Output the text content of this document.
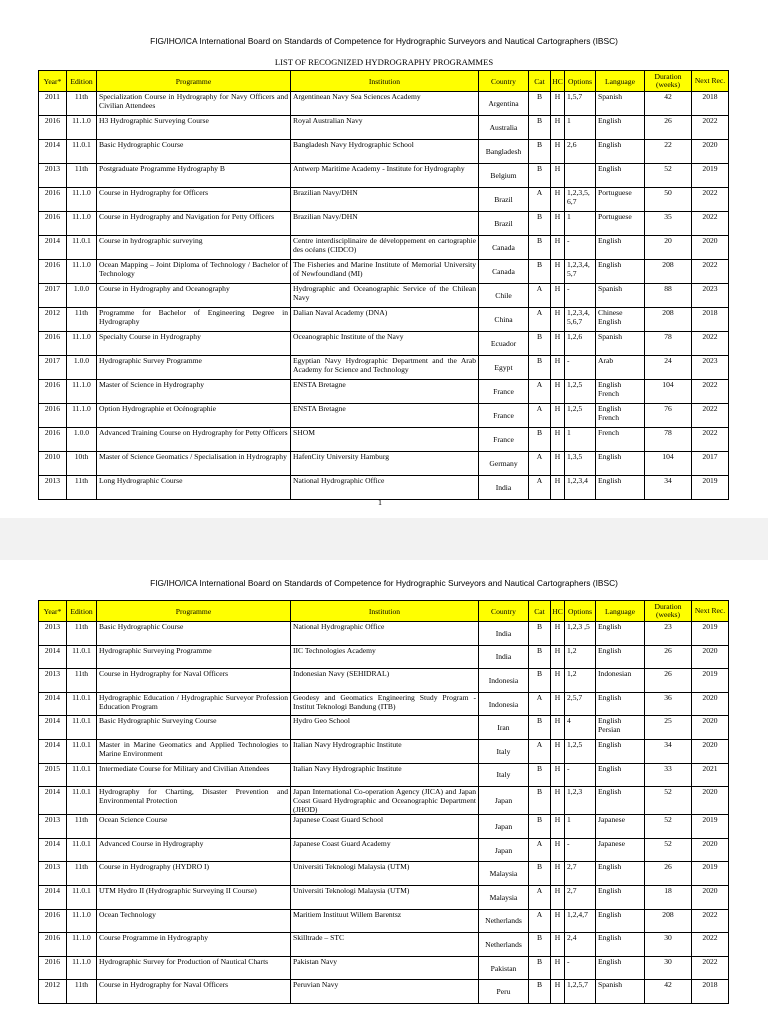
FIG/IHO/ICA International Board on Standards of Competence for Hydrographic Surveyors and Nautical Cartographers (IBSC)
LIST OF RECOGNIZED HYDROGRAPHY PROGRAMMES
Year*	Edition	Programme	Institution	Country	Cat	HC	Options	Language	Duration (weeks)	Next Rec.
2011	11th	Specialization Course in Hydrography for Navy Officers and Civilian Attendees	Argentinean Navy Sea Sciences Academy	Argentina	B	H	1,5,7	Spanish	42	2018
2016	11.1.0	H3 Hydrographic Surveying Course	Royal Australian Navy	Australia	B	H	1	English	26	2022
2014	11.0.1	Basic Hydrographic Course	Bangladesh Navy Hydrographic School	Bangladesh	B	H	2,6	English	22	2020
2013	11th	Postgraduate Programme Hydrography B	Antwerp Maritime Academy - Institute for Hydrography	Belgium	B	H		English	52	2019
2016	11.1.0	Course in Hydrography for Officers	Brazilian Navy/DHN	Brazil	A	H	1,2,3,5, 6,7	Portuguese	50	2022
2016	11.1.0	Course in Hydrography and Navigation for Petty Officers	Brazilian Navy/DHN	Brazil	B	H	1	Portuguese	35	2022
2014	11.0.1	Course in hydrographic surveying	Centre interdisciplinaire de développement en cartographie des océans (CIDCO)	Canada	B	H	-	English	20	2020
2016	11.1.0	Ocean Mapping – Joint Diploma of Technology / Bachelor of Technology	The Fisheries and Marine Institute of Memorial University of Newfoundland (MI)	Canada	B	H	1,2,3,4, 5,7	English	208	2022
2017	1.0.0	Course in Hydrography and Oceanography	Hydrographic and Oceanographic Service of the Chilean Navy	Chile	A	H	-	Spanish	88	2023
2012	11th	Programme for Bachelor of Engineering Degree in Hydrography	Dalian Naval Academy (DNA)	China	A	H	1,2,3,4, 5,6,7	Chinese English	208	2018
2016	11.1.0	Specialty Course in Hydrography	Oceanographic Institute of the Navy	Ecuador	B	H	1,2,6	Spanish	78	2022
2017	1.0.0	Hydrographic Survey Programme	Egyptian Navy Hydrographic Department and the Arab Academy for Science and Technology	Egypt	B	H	-	Arab	24	2023
2016	11.1.0	Master of Science in Hydrography	ENSTA Bretagne	France	A	H	1,2,5	English French	104	2022
2016	11.1.0	Option Hydrographie et Océnographie	ENSTA Bretagne	France	A	H	1,2,5	English French	76	2022
2016	1.0.0	Advanced Training Course on Hydrography for Petty Officers	SHOM	France	B	H	1	French	78	2022
2010	10th	Master of Science Geomatics / Specialisation in Hydrography	HafenCity University Hamburg	Germany	A	H	1,3,5	English	104	2017
2013	11th	Long Hydrographic Course	National Hydrographic Office	India	A	H	1,2,3,4	English	34	2019
1
FIG/IHO/ICA International Board on Standards of Competence for Hydrographic Surveyors and Nautical Cartographers (IBSC)
Year*	Edition	Programme	Institution	Country	Cat	HC	Options	Language	Duration (weeks)	Next Rec.
2013	11th	Basic Hydrographic Course	National Hydrographic Office	India	B	H	1,2,3 ,5	English	23	2019
2014	11.0.1	Hydrographic Surveying Programme	IIC Technologies Academy	India	B	H	1,2	English	26	2020
2013	11th	Course in Hydrography for Naval Officers	Indonesian Navy (SEHIDRAL)	Indonesia	B	H	1,2	Indonesian	26	2019
2014	11.0.1	Hydrographic Education / Hydrographic Surveyor Profession Education Program	Geodesy and Geomatics Engineering Study Program - Institut Teknologi Bandung (ITB)	Indonesia	A	H	2,5,7	English	36	2020
2014	11.0.1	Basic Hydrographic Surveying Course	Hydro Geo School	Iran	B	H	4	English Persian	25	2020
2014	11.0.1	Master in Marine Geomatics and Applied Technologies to Marine Environment	Italian Navy Hydrographic Institute	Italy	A	H	1,2,5	English	34	2020
2015	11.0.1	Intermediate Course for Military and Civilian Attendees	Italian Navy Hydrographic Institute	Italy	B	H	-	English	33	2021
2014	11.0.1	Hydrography for Charting, Disaster Prevention and Environmental Protection	Japan International Co-operation Agency (JICA) and Japan Coast Guard Hydrographic and Oceanographic Department (JHOD)	Japan	B	H	1,2,3	English	52	2020
2013	11th	Ocean Science Course	Japanese Coast Guard School	Japan	B	H	1	Japanese	52	2019
2014	11.0.1	Advanced Course in Hydrography	Japanese Coast Guard Academy	Japan	A	H	-	Japanese	52	2020
2013	11th	Course in Hydrography (HYDRO I)	Universiti Teknologi Malaysia (UTM)	Malaysia	B	H	2,7	English	26	2019
2014	11.0.1	UTM Hydro II (Hydrographic Surveying II Course)	Universiti Teknologi Malaysia (UTM)	Malaysia	A	H	2,7	English	18	2020
2016	11.1.0	Ocean Technology	Maritiem Instituut Willem Barentsz	Netherlands	A	H	1,2,4,7	English	208	2022
2016	11.1.0	Course Programme in Hydrography	Skilltrade – STC	Netherlands	B	H	2,4	English	30	2022
2016	11.1.0	Hydrographic Survey for Production of Nautical Charts	Pakistan Navy	Pakistan	B	H	-	English	30	2022
2012	11th	Course in Hydrography for Naval Officers	Peruvian Navy	Peru	B	H	1,2,5,7	Spanish	42	2018
